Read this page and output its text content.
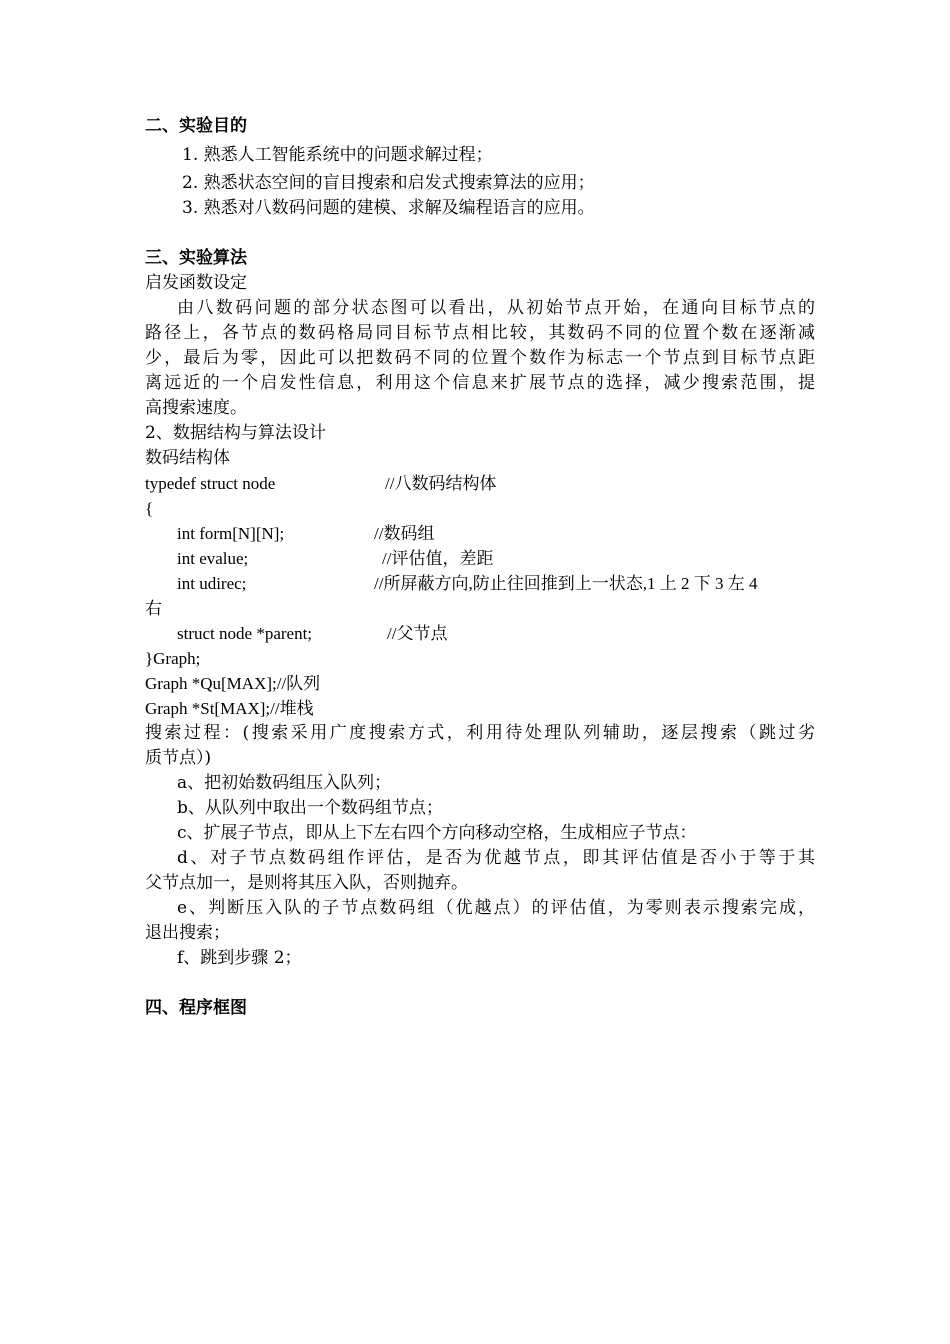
二、实验目的
1. 熟悉人工智能系统中的问题求解过程；
2. 熟悉状态空间的盲目搜索和启发式搜索算法的应用；
3. 熟悉对八数码问题的建模、求解及编程语言的应用。
三、实验算法
启发函数设定
由八数码问题的部分状态图可以看出，从初始节点开始，在通向目标节点的
路径上，各节点的数码格局同目标节点相比较，其数码不同的位置个数在逐渐减
少，最后为零，因此可以把数码不同的位置个数作为标志一个节点到目标节点距
离远近的一个启发性信息，利用这个信息来扩展节点的选择，减少搜索范围，提
高搜索速度。
2、数据结构与算法设计
数码结构体
typedef struct node	//八数码结构体
{
int form[N][N];	//数码组
int evalue;	//评估值，差距
int udirec;	//所屏蔽方向,防止往回推到上一状态,1 上 2 下 3 左 4
右
struct node *parent;	//父节点
}Graph;
Graph *Qu[MAX];//队列
Graph *St[MAX];//堆栈
搜索过程：(搜索采用广度搜索方式，利用待处理队列辅助，逐层搜索（跳过劣
质节点）)
a、把初始数码组压入队列；
b、从队列中取出一个数码组节点；
c、扩展子节点，即从上下左右四个方向移动空格，生成相应子节点：
d、对子节点数码组作评估，是否为优越节点，即其评估值是否小于等于其
父节点加一，是则将其压入队，否则抛弃。
e、判断压入队的子节点数码组（优越点）的评估值，为零则表示搜索完成，
退出搜索；
f、跳到步骤 2；
四、程序框图
